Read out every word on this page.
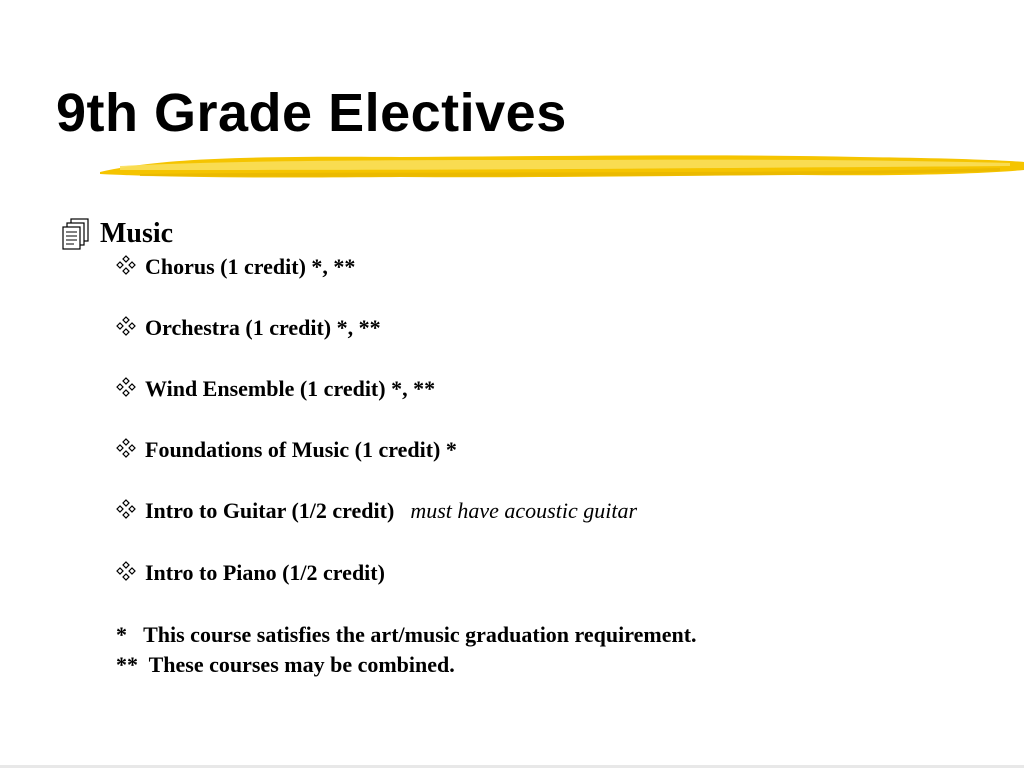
9th Grade Electives
Music
Chorus (1 credit) *, **
Orchestra (1 credit) *, **
Wind Ensemble (1 credit) *, **
Foundations of Music (1 credit) *
Intro to Guitar (1/2 credit) must have acoustic guitar
Intro to Piano (1/2 credit)
*   This course satisfies the art/music graduation requirement.
**  These courses may be combined.
